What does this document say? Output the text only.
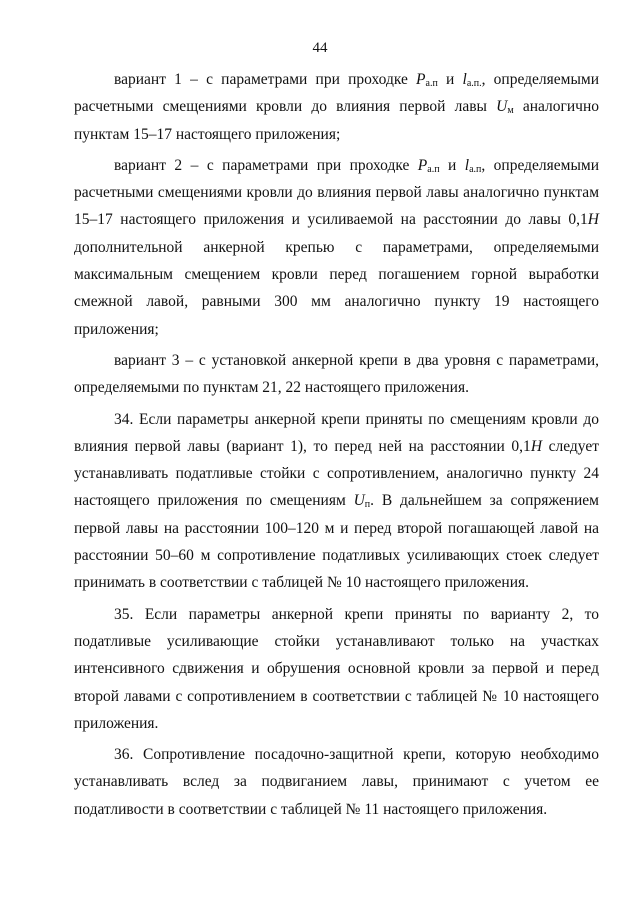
44

вариант 1 – с параметрами при проходке $P_{а.п}$ и $l_{а.п.}$, определяемыми расчетными смещениями кровли до влияния первой лавы $U_м$ аналогично пунктам 15–17 настоящего приложения;

вариант 2 – с параметрами при проходке $P_{а.п}$ и $l_{а.п}$, определяемыми расчетными смещениями кровли до влияния первой лавы аналогично пунктам 15–17 настоящего приложения и усиливаемой на расстоянии до лавы 0,1H дополнительной анкерной крепью с параметрами, определяемыми максимальным смещением кровли перед погашением горной выработки смежной лавой, равными 300 мм аналогично пункту 19 настоящего приложения;

вариант 3 – с установкой анкерной крепи в два уровня с параметрами, определяемыми по пунктам 21, 22 настоящего приложения.

34. Если параметры анкерной крепи приняты по смещениям кровли до влияния первой лавы (вариант 1), то перед ней на расстоянии 0,1H следует устанавливать податливые стойки с сопротивлением, аналогично пункту 24 настоящего приложения по смещениям $U_п$. В дальнейшем за сопряжением первой лавы на расстоянии 100–120 м и перед второй погашающей лавой на расстоянии 50–60 м сопротивление податливых усиливающих стоек следует принимать в соответствии с таблицей № 10 настоящего приложения.

35. Если параметры анкерной крепи приняты по варианту 2, то податливые усиливающие стойки устанавливают только на участках интенсивного сдвижения и обрушения основной кровли за первой и перед второй лавами с сопротивлением в соответствии с таблицей № 10 настоящего приложения.

36. Сопротивление посадочно-защитной крепи, которую необходимо устанавливать вслед за подвиганием лавы, принимают с учетом ее податливости в соответствии с таблицей № 11 настоящего приложения.
